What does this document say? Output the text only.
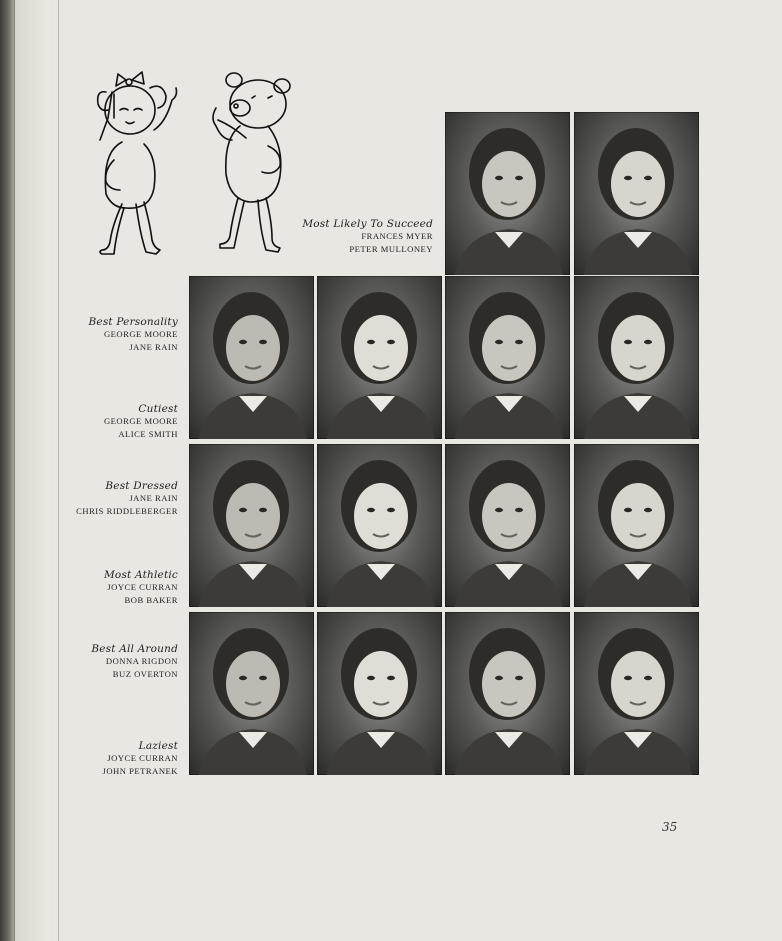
Most Likely To Succeed
FRANCES MYER
PETER MULLONEY
Best Personality
GEORGE MOORE
JANE RAIN
Cutiest
GEORGE MOORE
ALICE SMITH
Best Dressed
JANE RAIN
CHRIS RIDDLEBERGER
Most Athletic
JOYCE CURRAN
BOB BAKER
Best All Around
DONNA RIGDON
BUZ OVERTON
Laziest
JOYCE CURRAN
JOHN PETRANEK
35
